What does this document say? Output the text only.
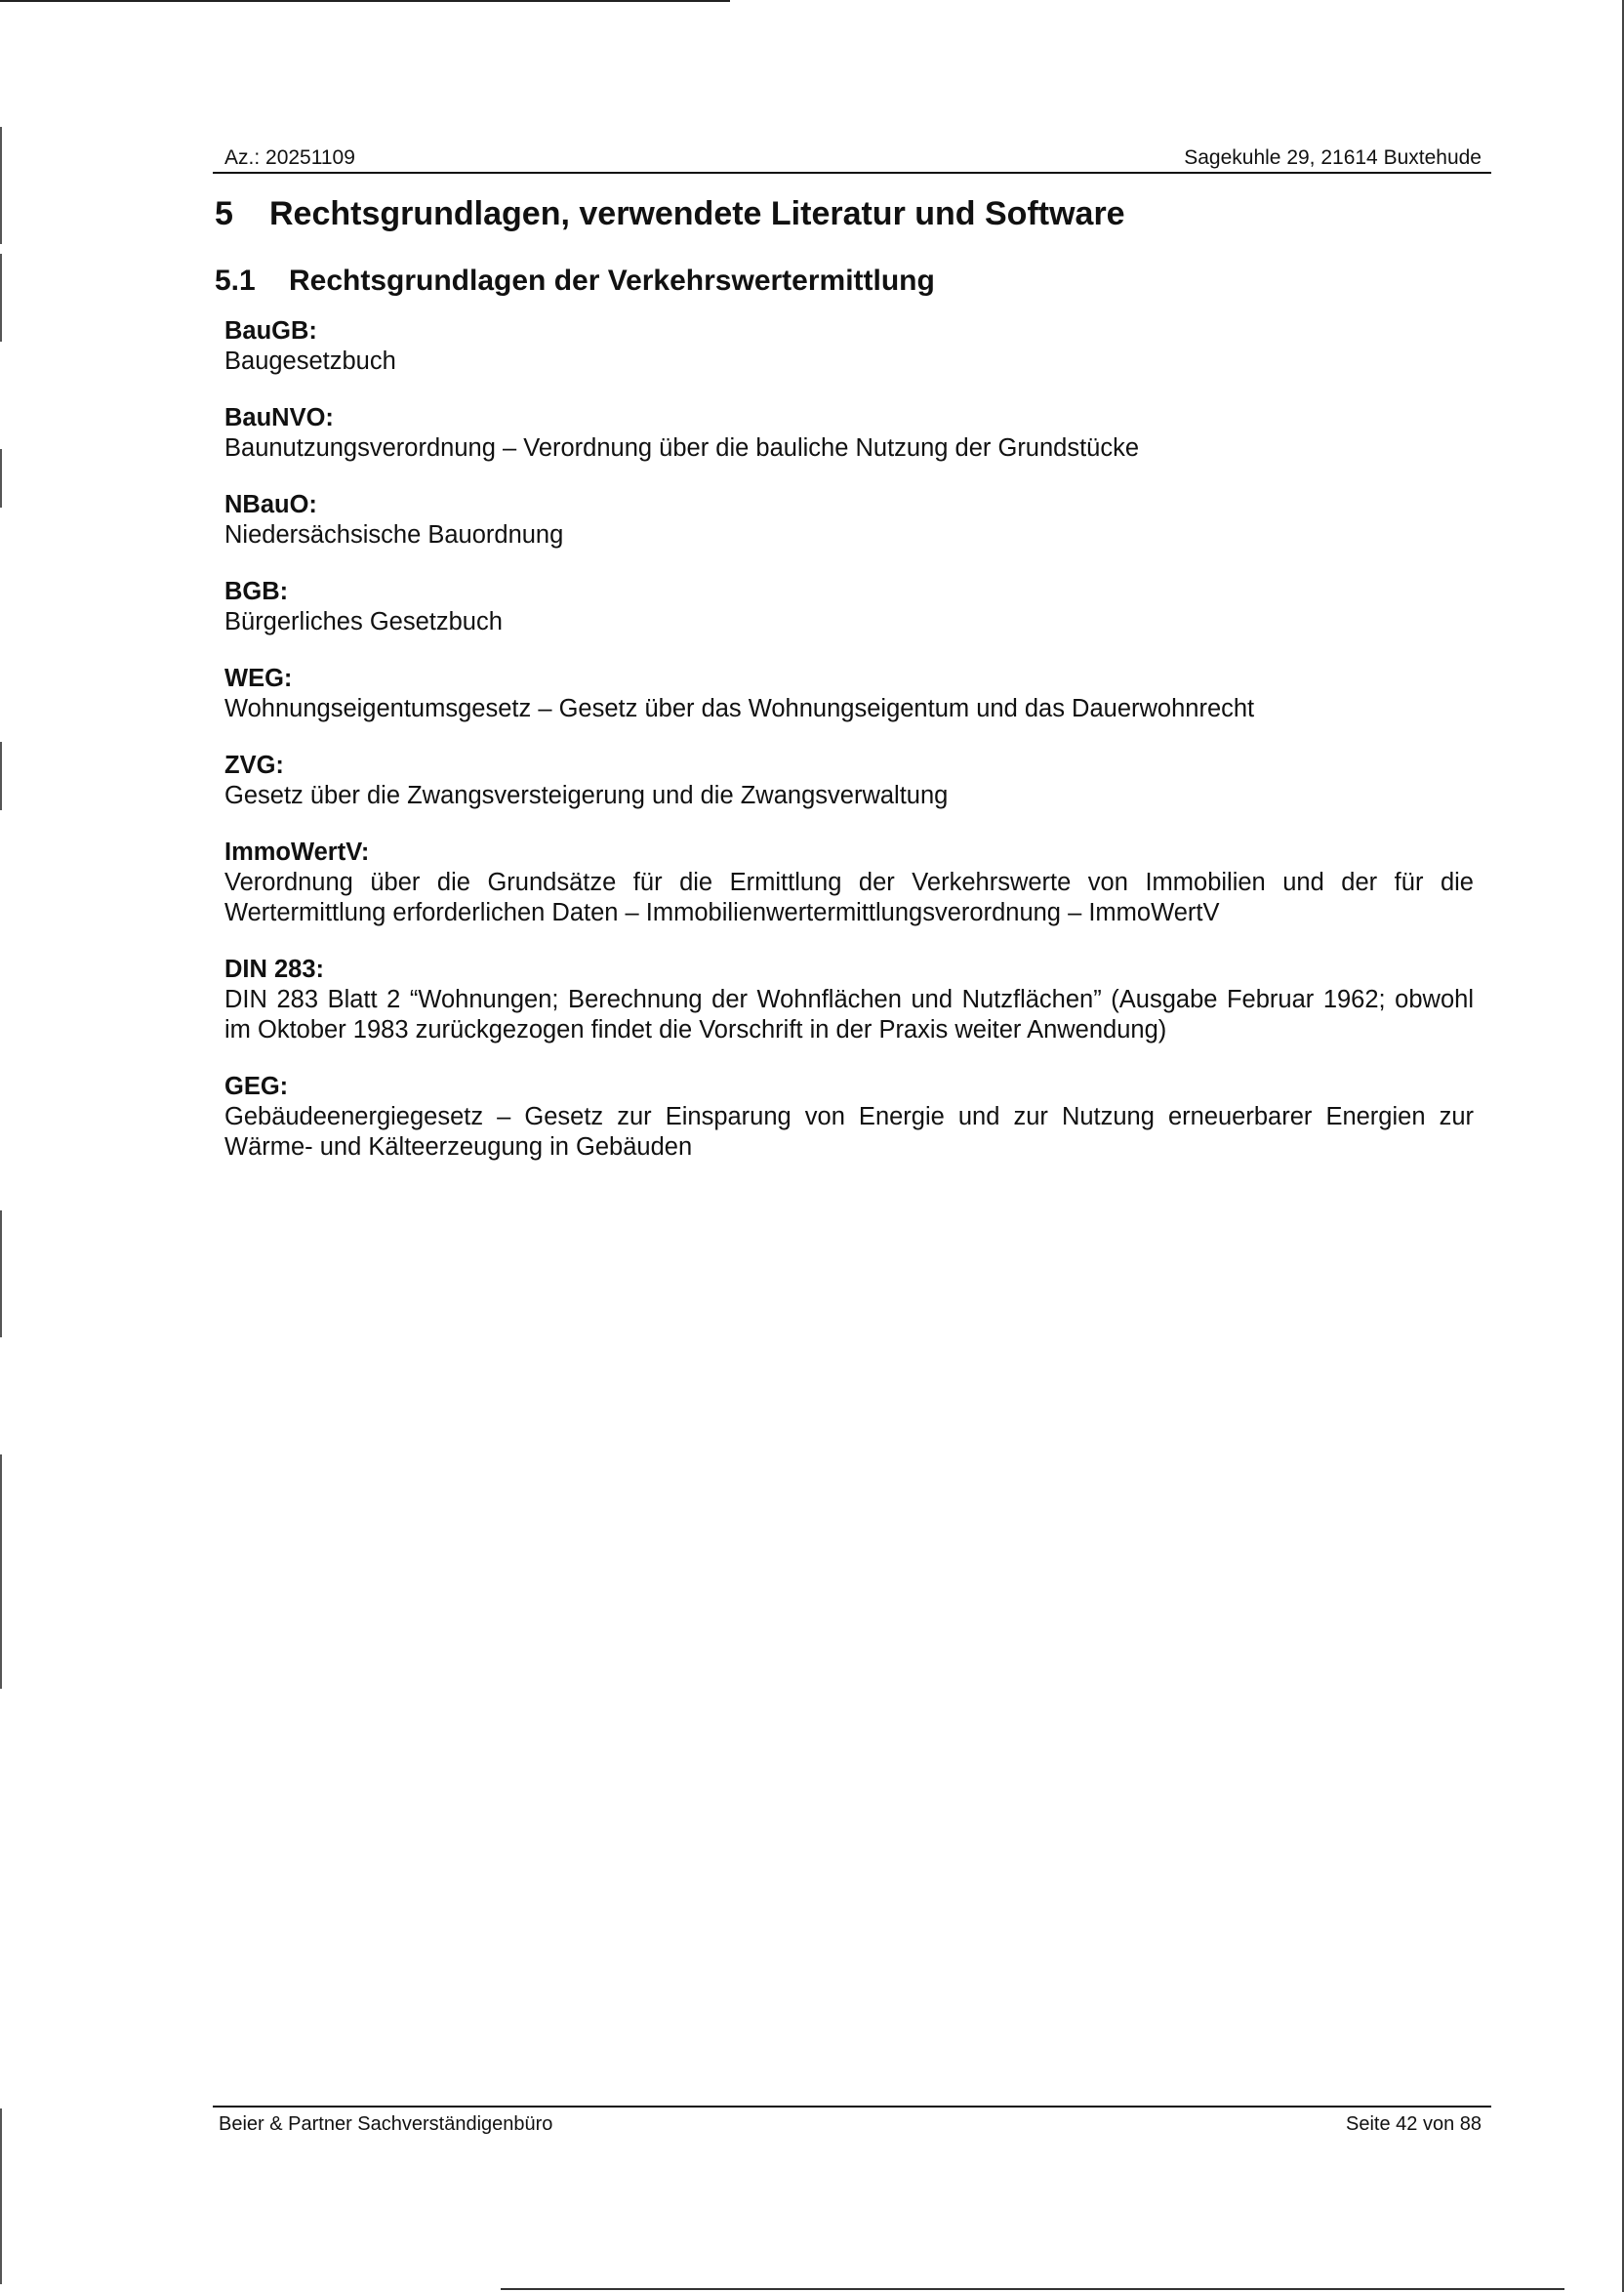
Az.: 20251109	Sagekuhle 29, 21614 Buxtehude
5 Rechtsgrundlagen, verwendete Literatur und Software
5.1 Rechtsgrundlagen der Verkehrswertermittlung
BauGB:
Baugesetzbuch
BauNVO:
Baunutzungsverordnung – Verordnung über die bauliche Nutzung der Grundstücke
NBauO:
Niedersächsische Bauordnung
BGB:
Bürgerliches Gesetzbuch
WEG:
Wohnungseigentumsgesetz – Gesetz über das Wohnungseigentum und das Dauerwohnrecht
ZVG:
Gesetz über die Zwangsversteigerung und die Zwangsverwaltung
ImmoWertV:
Verordnung über die Grundsätze für die Ermittlung der Verkehrswerte von Immobilien und der für die Wertermittlung erforderlichen Daten – Immobilienwertermittlungsverordnung – ImmoWertV
DIN 283:
DIN 283 Blatt 2 “Wohnungen; Berechnung der Wohnflächen und Nutzflächen” (Ausgabe Februar 1962; obwohl im Oktober 1983 zurückgezogen findet die Vorschrift in der Praxis weiter Anwendung)
GEG:
Gebäudeenergiegesetz – Gesetz zur Einsparung von Energie und zur Nutzung erneuerbarer Energien zur Wärme- und Kälteerzeugung in Gebäuden
Beier & Partner Sachverständigenbüro	Seite 42 von 88
